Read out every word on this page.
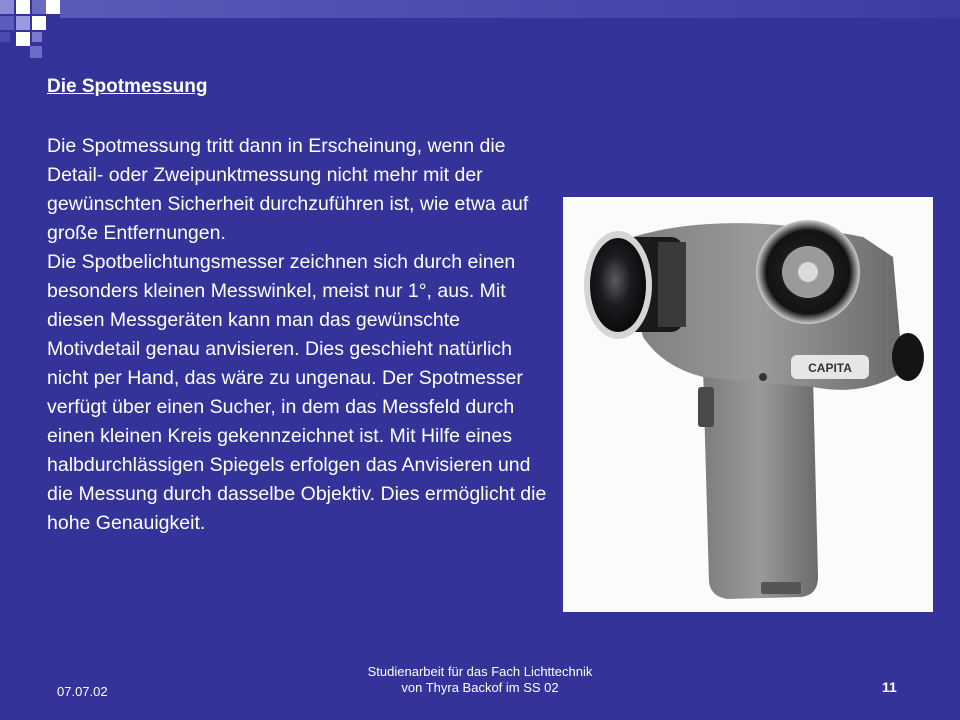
Die Spotmessung

Die Spotmessung tritt dann in Erscheinung, wenn die Detail- oder Zweipunktmessung nicht mehr mit der gewünschten Sicherheit durchzuführen ist, wie etwa auf große Entfernungen.

Die Spotbelichtungsmesser zeichnen sich durch einen besonders kleinen Messwinkel, meist nur 1°, aus. Mit diesen Messgeräten kann man das gewünschte Motivdetail genau anvisieren. Dies geschieht natürlich nicht per Hand, das wäre zu ungenau. Der Spotmesser verfügt über einen Sucher, in dem das Messfeld durch einen kleinen Kreis gekennzeichnet ist. Mit Hilfe eines halbdurchlässigen Spiegels erfolgen das Anvisieren und die Messung durch dasselbe Objektiv. Dies ermöglicht die hohe Genauigkeit.

CAPITA
07.07.02
Studienarbeit für das Fach Lichttechnik
von Thyra Backof im SS 02	11
